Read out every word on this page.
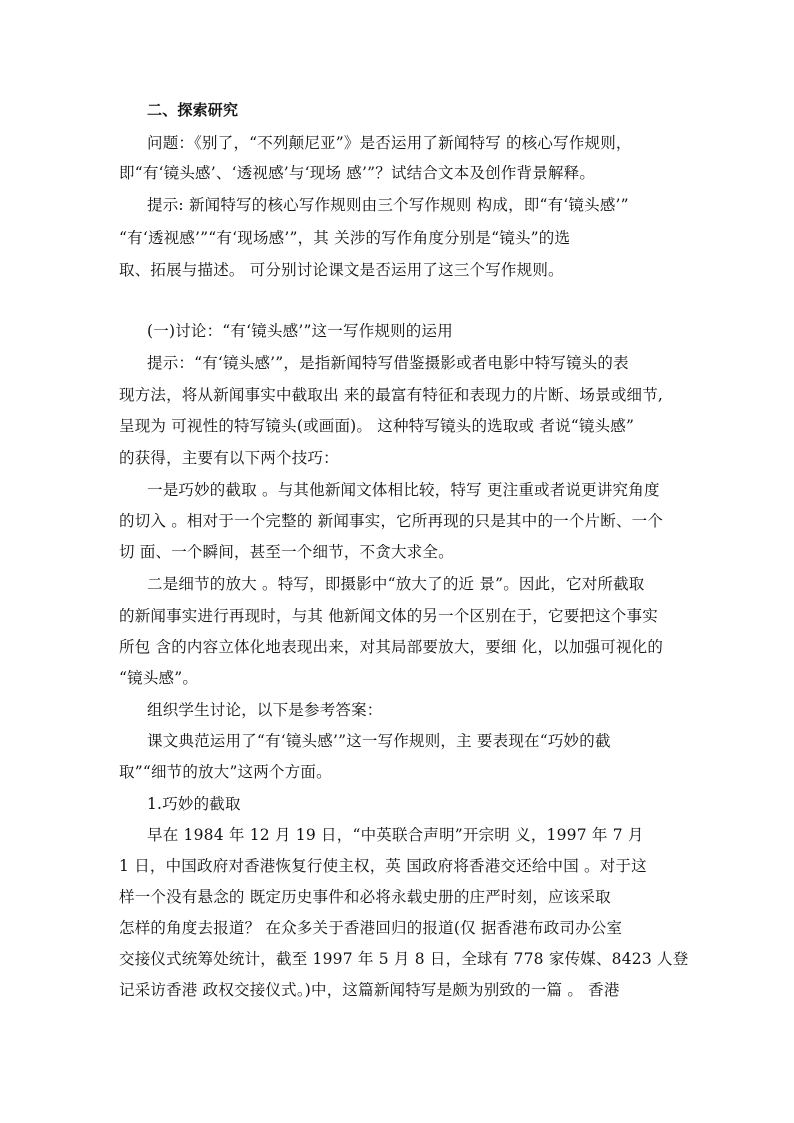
二、探索研究
问题：《别了，“不列颠尼亚”》是否运用了新闻特写 的核心写作规则，
即“有‘镜头感’、‘透视感’与‘现场 感’”？试结合文本及创作背景解释。
提示: 新闻特写的核心写作规则由三个写作规则 构成，即“有‘镜头感’”
“有‘透视感’”“有‘现场感’”，其 关涉的写作角度分别是“镜头”的选
取、拓展与描述。 可分别讨论课文是否运用了这三个写作规则。
(一)讨论：“有‘镜头感’”这一写作规则的运用
提示：“有‘镜头感’”，是指新闻特写借鉴摄影或者电影中特写镜头的表
现方法，将从新闻事实中截取出 来的最富有特征和表现力的片断、场景或细节,
呈现为 可视性的特写镜头(或画面)。 这种特写镜头的选取或 者说“镜头感”
的获得，主要有以下两个技巧：
一是巧妙的截取 。与其他新闻文体相比较，特写 更注重或者说更讲究角度
的切入 。相对于一个完整的 新闻事实，它所再现的只是其中的一个片断、一个
切 面、一个瞬间，甚至一个细节，不贪大求全。
二是细节的放大 。特写，即摄影中“放大了的近 景”。因此，它对所截取
的新闻事实进行再现时，与其 他新闻文体的另一个区别在于，它要把这个事实
所包 含的内容立体化地表现出来，对其局部要放大，要细 化，以加强可视化的
“镜头感”。
组织学生讨论，以下是参考答案：
课文典范运用了“有‘镜头感’”这一写作规则，主 要表现在“巧妙的截
取”“细节的放大”这两个方面。
1.巧妙的截取
早在 1984 年 12 月 19 日，“中英联合声明”开宗明 义，1997 年 7 月
1 日，中国政府对香港恢复行使主权，英 国政府将香港交还给中国 。对于这
样一个没有悬念的 既定历史事件和必将永载史册的庄严时刻，应该采取
怎样的角度去报道？ 在众多关于香港回归的报道(仅 据香港布政司办公室
交接仪式统筹处统计，截至 1997 年 5 月 8 日，全球有 778 家传媒、8423 人登
记采访香港 政权交接仪式。)中，这篇新闻特写是颇为别致的一篇 。 香港
